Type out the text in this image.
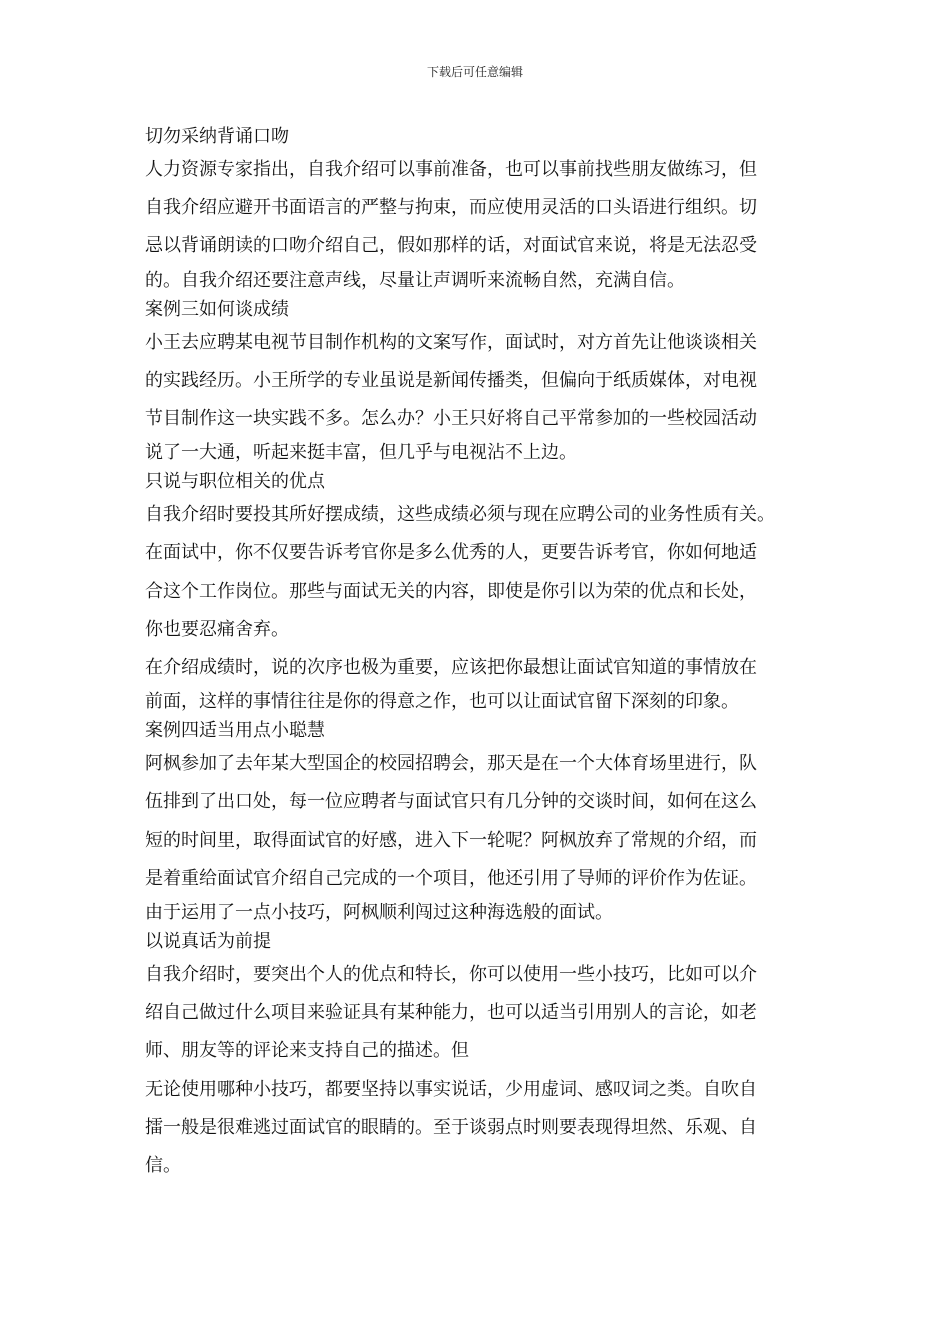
下载后可任意编辑
切勿采纳背诵口吻
人力资源专家指出，自我介绍可以事前准备，也可以事前找些朋友做练习，但
自我介绍应避开书面语言的严整与拘束，而应使用灵活的口头语进行组织。切
忌以背诵朗读的口吻介绍自己，假如那样的话，对面试官来说，将是无法忍受
的。自我介绍还要注意声线，尽量让声调听来流畅自然，充满自信。
案例三如何谈成绩
小王去应聘某电视节目制作机构的文案写作，面试时，对方首先让他谈谈相关
的实践经历。小王所学的专业虽说是新闻传播类，但偏向于纸质媒体，对电视
节目制作这一块实践不多。怎么办？小王只好将自己平常参加的一些校园活动
说了一大通，听起来挺丰富，但几乎与电视沾不上边。
只说与职位相关的优点
自我介绍时要投其所好摆成绩，这些成绩必须与现在应聘公司的业务性质有关。
在面试中，你不仅要告诉考官你是多么优秀的人，更要告诉考官，你如何地适
合这个工作岗位。那些与面试无关的内容，即使是你引以为荣的优点和长处，
你也要忍痛舍弃。
在介绍成绩时，说的次序也极为重要，应该把你最想让面试官知道的事情放在
前面，这样的事情往往是你的得意之作，也可以让面试官留下深刻的印象。
案例四适当用点小聪慧
阿枫参加了去年某大型国企的校园招聘会，那天是在一个大体育场里进行，队
伍排到了出口处，每一位应聘者与面试官只有几分钟的交谈时间，如何在这么
短的时间里，取得面试官的好感，进入下一轮呢？阿枫放弃了常规的介绍，而
是着重给面试官介绍自己完成的一个项目，他还引用了导师的评价作为佐证。
由于运用了一点小技巧，阿枫顺利闯过这种海选般的面试。
以说真话为前提
自我介绍时，要突出个人的优点和特长，你可以使用一些小技巧，比如可以介
绍自己做过什么项目来验证具有某种能力，也可以适当引用别人的言论，如老
师、朋友等的评论来支持自己的描述。但
无论使用哪种小技巧，都要坚持以事实说话，少用虚词、感叹词之类。自吹自
擂一般是很难逃过面试官的眼睛的。至于谈弱点时则要表现得坦然、乐观、自
信。
